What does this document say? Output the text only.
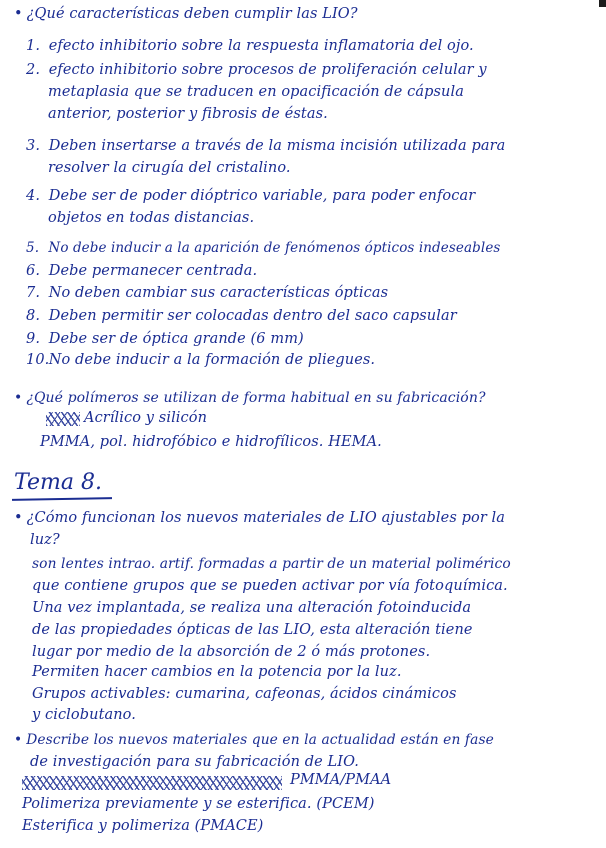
• ¿Qué características deben cumplir las LIO?
1. efecto inhibitorio sobre la respuesta inflamatoria del ojo.
2. efecto inhibitorio sobre procesos de proliferación celular y
metaplasia que se traducen en opacificación de cápsula
anterior, posterior y fibrosis de éstas.
3. Deben insertarse a través de la misma incisión utilizada para
resolver la cirugía del cristalino.
4. Debe ser de poder dióptrico variable, para poder enfocar
objetos en todas distancias.
5. No debe inducir a la aparición de fenómenos ópticos indeseables
6. Debe permanecer centrada.
7. No deben cambiar sus características ópticas
8. Deben permitir ser colocadas dentro del saco capsular
9. Debe ser de óptica grande (6 mm)
10. No debe inducir a la formación de pliegues.
• ¿Qué polímeros se utilizan de forma habitual en su fabricación?
Acrílico y silicón
PMMA, pol. hidrofóbico e hidrofílicos. HEMA.
Tema 8.
• ¿Cómo funcionan los nuevos materiales de LIO ajustables por la
luz?
son lentes intrao. artif. formadas a partir de un material polimérico
que contiene grupos que se pueden activar por vía fotoquímica.
Una vez implantada, se realiza una alteración fotoinducida
de las propiedades ópticas de las LIO, esta alteración tiene
lugar por medio de la absorción de 2 ó más protones.
Permiten hacer cambios en la potencia por la luz.
Grupos activables: cumarina, cafeonas, ácidos cinámicos
y ciclobutano.
• Describe los nuevos materiales que en la actualidad están en fase
de investigación para su fabricación de LIO.
PMMA/PMAA
Polimeriza previamente y se esterifica. (PCEM)
Esterifica y polimeriza (PMACE)
